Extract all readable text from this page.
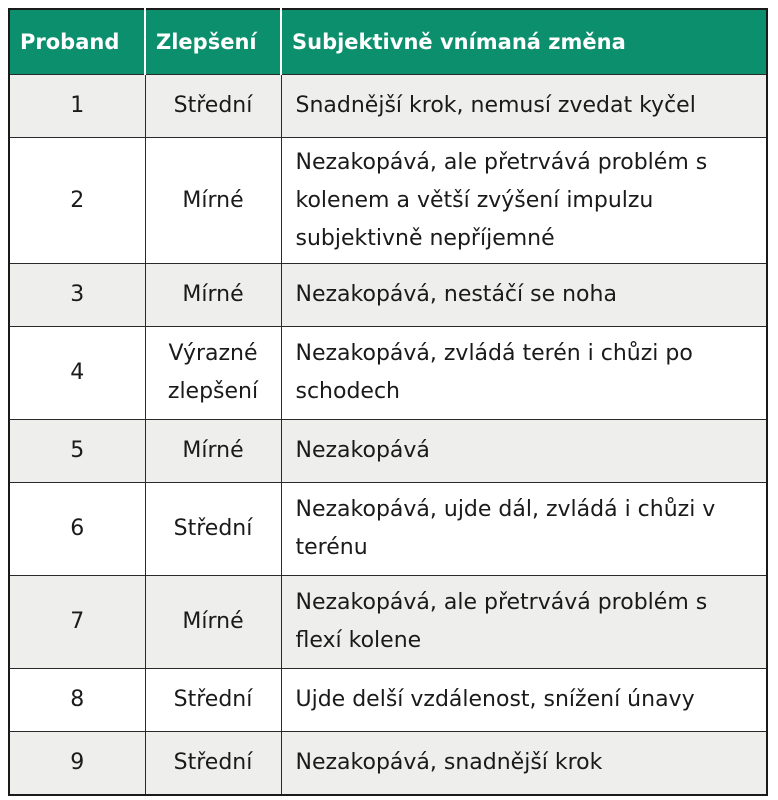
Proband	Zlepšení	Subjektivně vnímaná změna
1	Střední	Snadnější krok, nemusí zvedat kyčel
2	Mírné	Nezakopává, ale přetrvává problém s kolenem a větší zvýšení impulzu subjektivně nepříjemné
3	Mírné	Nezakopává, nestáčí se noha
4	Výrazné zlepšení	Nezakopává, zvládá terén i chůzi po schodech
5	Mírné	Nezakopává
6	Střední	Nezakopává, ujde dál, zvládá i chůzi v terénu
7	Mírné	Nezakopává, ale přetrvává problém s flexí kolene
8	Střední	Ujde delší vzdálenost, snížení únavy
9	Střední	Nezakopává, snadnější krok
